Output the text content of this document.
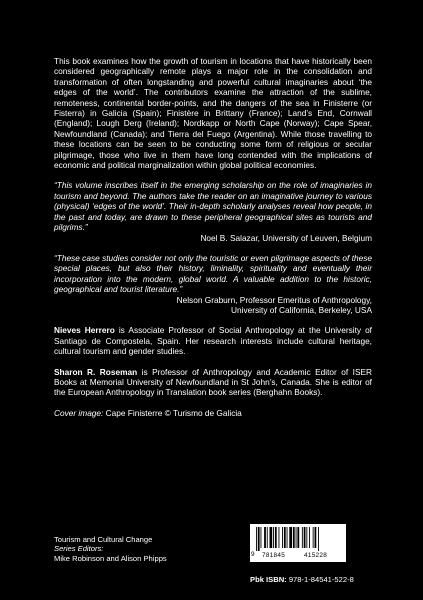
This book examines how the growth of tourism in locations that have historically been considered geographically remote plays a major role in the consolidation and transformation of often longstanding and powerful cultural imaginaries about ‘the edges of the world’. The contributors examine the attraction of the sublime, remoteness, continental border-points, and the dangers of the sea in Finisterre (or Fisterra) in Galicia (Spain); Finistère in Brittany (France); Land’s End, Cornwall (England); Lough Derg (Ireland); Nordkapp or North Cape (Norway); Cape Spear, Newfoundland (Canada); and Tierra del Fuego (Argentina). While those travelling to these locations can be seen to be conducting some form of religious or secular pilgrimage, those who live in them have long contended with the implications of economic and political marginalization within global political economies.

“This volume inscribes itself in the emerging scholarship on the role of imaginaries in tourism and beyond. The authors take the reader on an imaginative journey to various (physical) ‘edges of the world’. Their in-depth scholarly analyses reveal how people, in the past and today, are drawn to these peripheral geographical sites as tourists and pilgrims.”

Noel B. Salazar, University of Leuven, Belgium

“These case studies consider not only the touristic or even pilgrimage aspects of these special places, but also their history, liminality, spirituality and eventually their incorporation into the modern, global world. A valuable addition to the historic, geographical and tourist literature.”

Nelson Graburn, Professor Emeritus of Anthropology,
University of California, Berkeley, USA

Nieves Herrero is Associate Professor of Social Anthropology at the University of Santiago de Compostela, Spain. Her research interests include cultural heritage, cultural tourism and gender studies.

Sharon R. Roseman is Professor of Anthropology and Academic Editor of ISER Books at Memorial University of Newfoundland in St John’s, Canada. She is editor of the European Anthropology in Translation book series (Berghahn Books).

Cover image: Cape Finisterre © Turismo de Galicia
Tourism and Cultural Change
Series Editors:
Mike Robinson and Alison Phipps	9 781845	415228
Pbk ISBN: 978-1-84541-522-8
